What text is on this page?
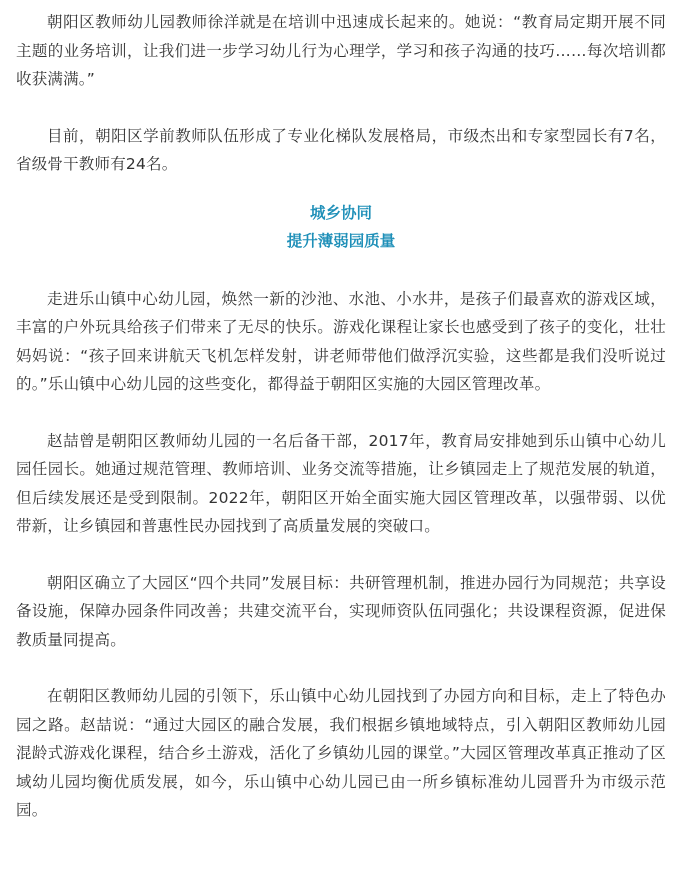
朝阳区教师幼儿园教师徐洋就是在培训中迅速成长起来的。她说：“教育局定期开展不同主题的业务培训，让我们进一步学习幼儿行为心理学，学习和孩子沟通的技巧……每次培训都收获满满。”

目前，朝阳区学前教师队伍形成了专业化梯队发展格局，市级杰出和专家型园长有7名，省级骨干教师有24名。

城乡协同

提升薄弱园质量

走进乐山镇中心幼儿园，焕然一新的沙池、水池、小水井，是孩子们最喜欢的游戏区域，丰富的户外玩具给孩子们带来了无尽的快乐。游戏化课程让家长也感受到了孩子的变化，壮壮妈妈说：“孩子回来讲航天飞机怎样发射，讲老师带他们做浮沉实验，这些都是我们没听说过的。”乐山镇中心幼儿园的这些变化，都得益于朝阳区实施的大园区管理改革。

赵喆曾是朝阳区教师幼儿园的一名后备干部，2017年，教育局安排她到乐山镇中心幼儿园任园长。她通过规范管理、教师培训、业务交流等措施，让乡镇园走上了规范发展的轨道，但后续发展还是受到限制。2022年，朝阳区开始全面实施大园区管理改革，以强带弱、以优带新，让乡镇园和普惠性民办园找到了高质量发展的突破口。

朝阳区确立了大园区“四个共同”发展目标：共研管理机制，推进办园行为同规范；共享设备设施，保障办园条件同改善；共建交流平台，实现师资队伍同强化；共设课程资源，促进保教质量同提高。

在朝阳区教师幼儿园的引领下，乐山镇中心幼儿园找到了办园方向和目标，走上了特色办园之路。赵喆说：“通过大园区的融合发展，我们根据乡镇地域特点，引入朝阳区教师幼儿园混龄式游戏化课程，结合乡土游戏，活化了乡镇幼儿园的课堂。”大园区管理改革真正推动了区域幼儿园均衡优质发展，如今，乐山镇中心幼儿园已由一所乡镇标准幼儿园晋升为市级示范园。
